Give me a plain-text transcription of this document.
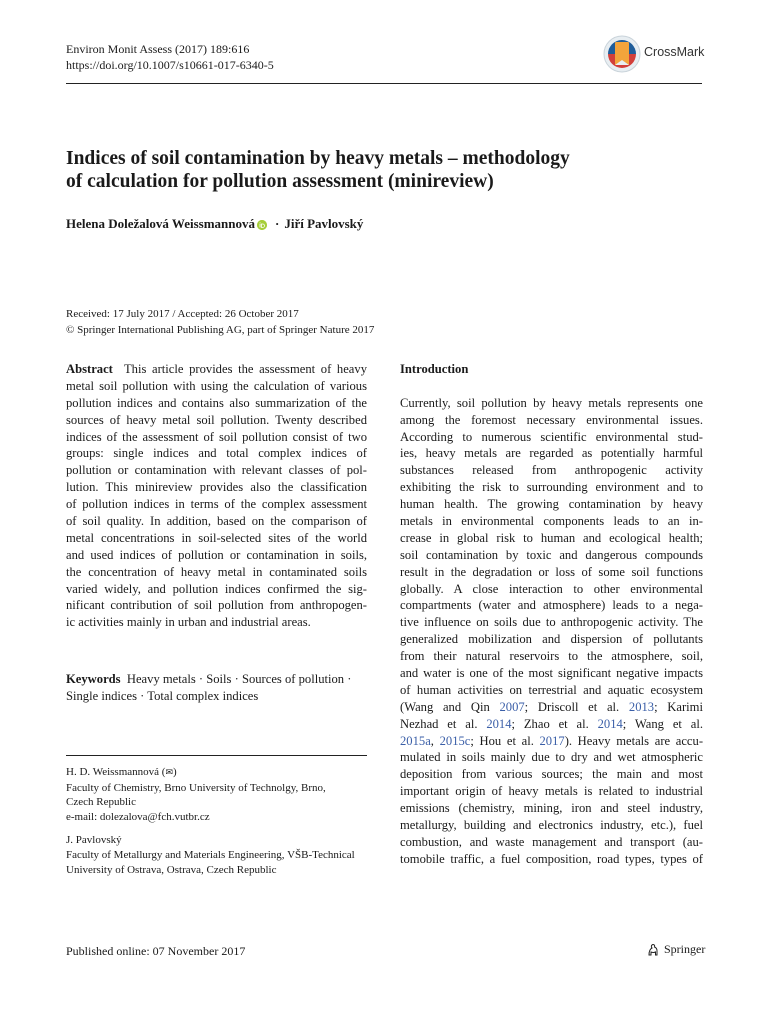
Environ Monit Assess (2017) 189:616
https://doi.org/10.1007/s10661-017-6340-5
CrossMark
Indices of soil contamination by heavy metals – methodology
of calculation for pollution assessment (minireview)
Helena Doležalová Weissmannová · Jiří Pavlovský
Received: 17 July 2017 / Accepted: 26 October 2017
© Springer International Publishing AG, part of Springer Nature 2017
Abstract This article provides the assessment of heavy
metal soil pollution with using the calculation of various
pollution indices and contains also summarization of the
sources of heavy metal soil pollution. Twenty described
indices of the assessment of soil pollution consist of two
groups: single indices and total complex indices of
pollution or contamination with relevant classes of pol-
lution. This minireview provides also the classification
of pollution indices in terms of the complex assessment
of soil quality. In addition, based on the comparison of
metal concentrations in soil-selected sites of the world
and used indices of pollution or contamination in soils,
the concentration of heavy metal in contaminated soils
varied widely, and pollution indices confirmed the sig-
nificant contribution of soil pollution from anthropogen-
ic activities mainly in urban and industrial areas.
Keywords Heavy metals · Soils · Sources of pollution ·
Single indices · Total complex indices
H. D. Weissmannová (✉)
Faculty of Chemistry, Brno University of Technolgy, Brno,
Czech Republic
e-mail: dolezalova@fch.vutbr.cz
J. Pavlovský
Faculty of Metallurgy and Materials Engineering, VŠB-Technical
University of Ostrava, Ostrava, Czech Republic
Introduction
Currently, soil pollution by heavy metals represents one
among the foremost necessary environmental issues.
According to numerous scientific environmental stud-
ies, heavy metals are regarded as potentially harmful
substances released from anthropogenic activity
exhibiting the risk to surrounding environment and to
human health. The growing contamination by heavy
metals in environmental components leads to an in-
crease in global risk to human and ecological health;
soil contamination by toxic and dangerous compounds
result in the degradation or loss of some soil functions
globally. A close interaction to other environmental
compartments (water and atmosphere) leads to a nega-
tive influence on soils due to anthropogenic activity. The
generalized mobilization and dispersion of pollutants
from their natural reservoirs to the atmosphere, soil,
and water is one of the most significant negative impacts
of human activities on terrestrial and aquatic ecosystem
(Wang and Qin 2007; Driscoll et al. 2013; Karimi
Nezhad et al. 2014; Zhao et al. 2014; Wang et al.
2015a, 2015c; Hou et al. 2017). Heavy metals are accu-
mulated in soils mainly due to dry and wet atmospheric
deposition from various sources; the main and most
important origin of heavy metals is related to industrial
emissions (chemistry, mining, iron and steel industry,
metallurgy, building and electronics industry, etc.), fuel
combustion, and waste management and transport (au-
tomobile traffic, a fuel composition, road types, types of
Published online: 07 November 2017	Springer
